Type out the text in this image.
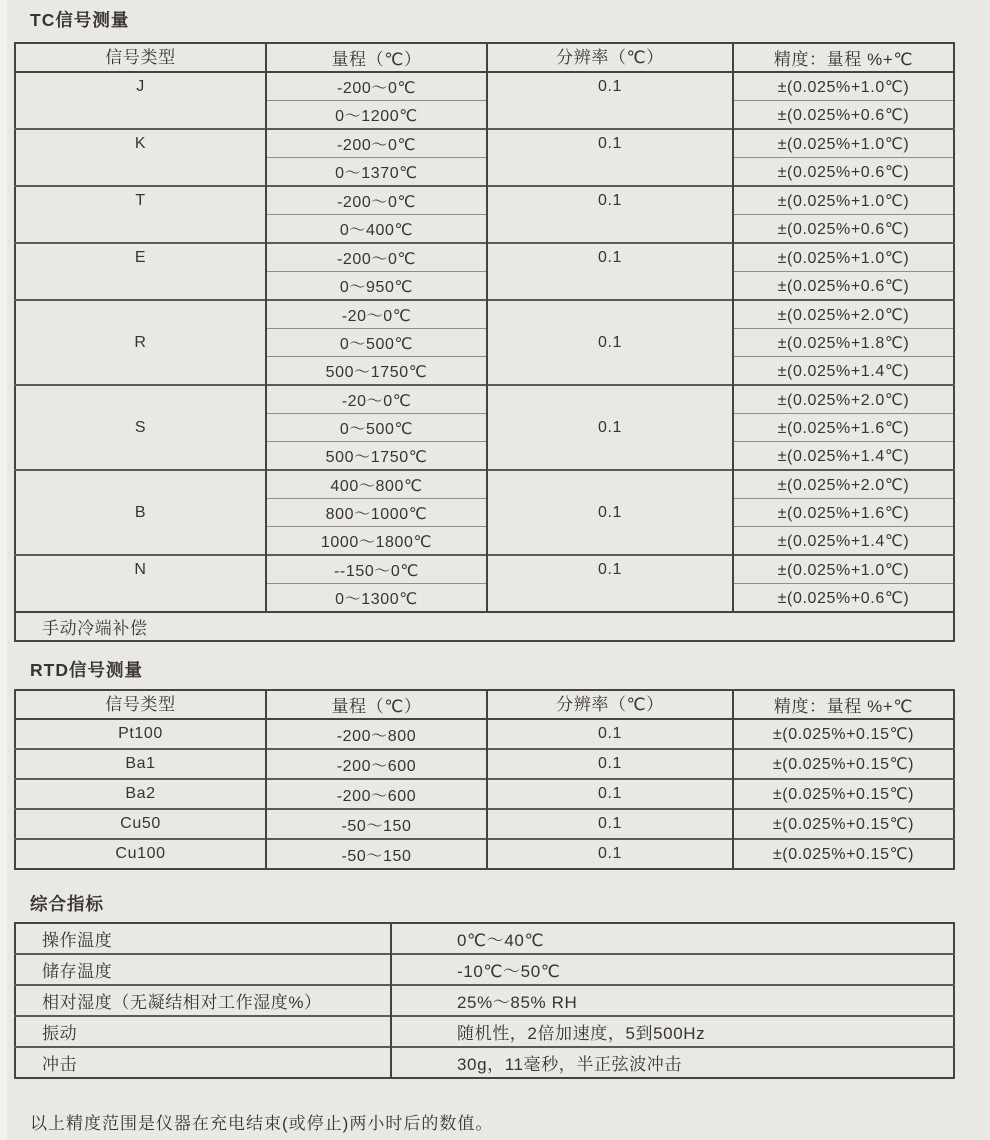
TC信号测量
信号类型	量程（℃）	分辨率（℃）	精度：量程 %+℃
J	-200～0℃	0.1	±(0.025%+1.0℃)
	0～1200℃		±(0.025%+0.6℃)
K	-200～0℃	0.1	±(0.025%+1.0℃)
	0～1370℃		±(0.025%+0.6℃)
T	-200～0℃	0.1	±(0.025%+1.0℃)
	0～400℃		±(0.025%+0.6℃)
E	-200～0℃	0.1	±(0.025%+1.0℃)
	0～950℃		±(0.025%+0.6℃)
R	-20～0℃	0.1	±(0.025%+2.0℃)
	0～500℃		±(0.025%+1.8℃)
	500～1750℃		±(0.025%+1.4℃)
S	-20～0℃	0.1	±(0.025%+2.0℃)
	0～500℃		±(0.025%+1.6℃)
	500～1750℃		±(0.025%+1.4℃)
B	400～800℃	0.1	±(0.025%+2.0℃)
	800～1000℃		±(0.025%+1.6℃)
	1000～1800℃		±(0.025%+1.4℃)
N	--150～0℃	0.1	±(0.025%+1.0℃)
	0～1300℃		±(0.025%+0.6℃)
手动冷端补偿			
RTD信号测量
信号类型	量程（℃）	分辨率（℃）	精度：量程 %+℃
Pt100	-200～800	0.1	±(0.025%+0.15℃)
Ba1	-200～600	0.1	±(0.025%+0.15℃)
Ba2	-200～600	0.1	±(0.025%+0.15℃)
Cu50	-50～150	0.1	±(0.025%+0.15℃)
Cu100	-50～150	0.1	±(0.025%+0.15℃)
综合指标
操作温度	0℃～40℃
储存温度	-10℃～50℃
相对湿度（无凝结相对工作湿度%）	25%～85% RH
振动	随机性，2倍加速度，5到500Hz
冲击	30g，11毫秒，半正弦波冲击
以上精度范围是仪器在充电结束(或停止)两小时后的数值。
